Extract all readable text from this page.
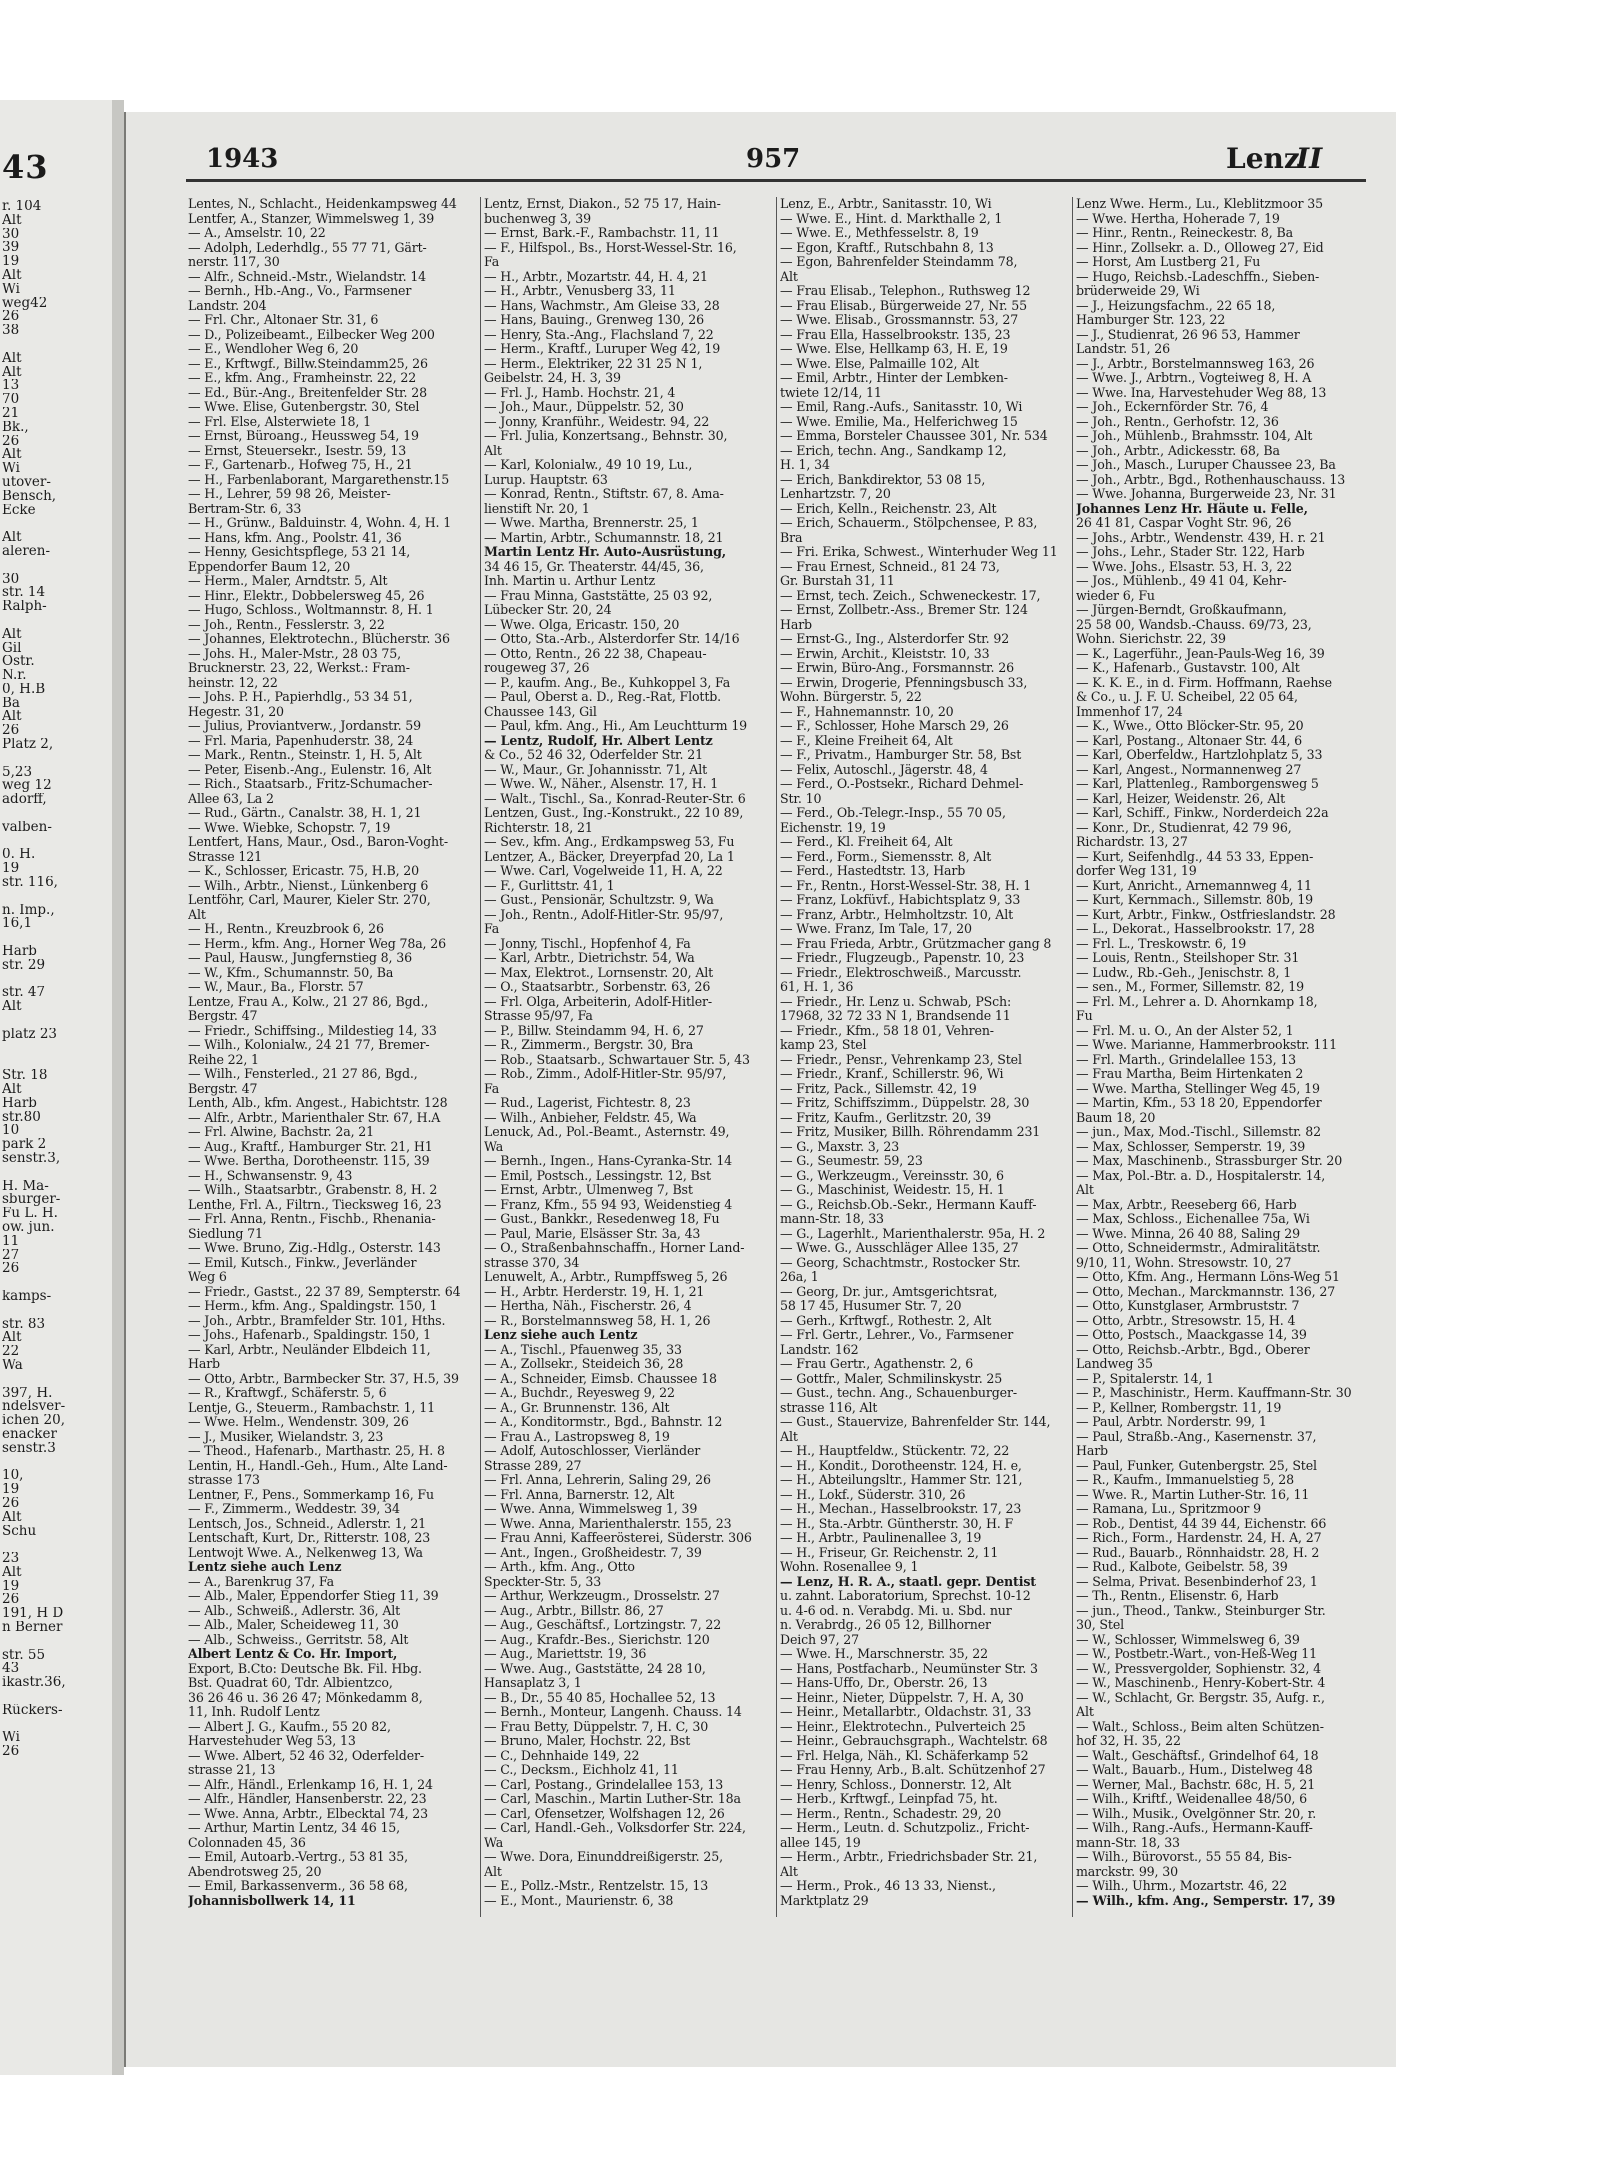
43
r. 104
Alt
30
39
19
Alt
Wi
weg42
26
38
Alt
Alt
13
70
21
Bk.,
26
Alt
Wi
utover-
Bensch,
Ecke
Alt
aleren-
30
str. 14
Ralph-
Alt
Gil
Ostr.
N.r.
0, H.B
Ba
Alt
26
Platz 2,
5,23
weg 12
adorff,
valben-
0. H.
19
str. 116,
n. Imp.,
16,1
Harb
str. 29
str. 47
Alt
platz 23
Str. 18
Alt
Harb
str.80
10
park 2
senstr.3,
H. Ma-
sburger-
Fu L. H.
ow. jun.
11
27
26
kamps-
str. 83
Alt
22
Wa
397, H.
ndelsver-
ichen 20,
enacker
senstr.3
10,
19
26
Alt
Schu
23
Alt
19
26
191, H D
n Berner
str. 55
43
ikastr.36,
Rückers-
Wi
26
1943	957	Lenz
II
Lentes, N., Schlacht., Heidenkampsweg 44
Lentfer, A., Stanzer, Wimmelsweg 1, 39
— A., Amselstr. 10, 22
— Adolph, Lederhdlg., 55 77 71, Gärt-
nerstr. 117, 30
— Alfr., Schneid.-Mstr., Wielandstr. 14
— Bernh., Hb.-Ang., Vo., Farmsener
Landstr. 204
— Frl. Chr., Altonaer Str. 31, 6
— D., Polizeibeamt., Eilbecker Weg 200
— E., Wendloher Weg 6, 20
— E., Krftwgf., Billw.Steindamm25, 26
— E., kfm. Ang., Framheinstr. 22, 22
— Ed., Bür.-Ang., Breitenfelder Str. 28
— Wwe. Elise, Gutenbergstr. 30, Stel
— Frl. Else, Alsterwiete 18, 1
— Ernst, Büroang., Heussweg 54, 19
— Ernst, Steuersekr., Isestr. 59, 13
— F., Gartenarb., Hofweg 75, H., 21
— H., Farbenlaborant, Margarethenstr.15
— H., Lehrer, 59 98 26, Meister-
Bertram-Str. 6, 33
— H., Grünw., Balduinstr. 4, Wohn. 4, H. 1
— Hans, kfm. Ang., Poolstr. 41, 36
— Henny, Gesichtspflege, 53 21 14,
Eppendorfer Baum 12, 20
— Herm., Maler, Arndtstr. 5, Alt
— Hinr., Elektr., Dobbelersweg 45, 26
— Hugo, Schloss., Woltmannstr. 8, H. 1
— Joh., Rentn., Fesslerstr. 3, 22
— Johannes, Elektrotechn., Blücherstr. 36
— Johs. H., Maler-Mstr., 28 03 75,
Brucknerstr. 23, 22, Werkst.: Fram-
heinstr. 12, 22
— Johs. P. H., Papierhdlg., 53 34 51,
Hegestr. 31, 20
— Julius, Proviantverw., Jordanstr. 59
— Frl. Maria, Papenhuderstr. 38, 24
— Mark., Rentn., Steinstr. 1, H. 5, Alt
— Peter, Eisenb.-Ang., Eulenstr. 16, Alt
— Rich., Staatsarb., Fritz-Schumacher-
Allee 63, La 2
— Rud., Gärtn., Canalstr. 38, H. 1, 21
— Wwe. Wiebke, Schopstr. 7, 19
Lentfert, Hans, Maur., Osd., Baron-Voght-
Strasse 121
— K., Schlosser, Ericastr. 75, H.B, 20
— Wilh., Arbtr., Nienst., Lünkenberg 6
Lentföhr, Carl, Maurer, Kieler Str. 270,
Alt
— H., Rentn., Kreuzbrook 6, 26
— Herm., kfm. Ang., Horner Weg 78a, 26
— Paul, Hausw., Jungfernstieg 8, 36
— W., Kfm., Schumannstr. 50, Ba
— W., Maur., Ba., Florstr. 57
Lentze, Frau A., Kolw., 21 27 86, Bgd.,
Bergstr. 47
— Friedr., Schiffsing., Mildestieg 14, 33
— Wilh., Kolonialw., 24 21 77, Bremer-
Reihe 22, 1
— Wilh., Fensterled., 21 27 86, Bgd.,
Bergstr. 47
Lenth, Alb., kfm. Angest., Habichtstr. 128
— Alfr., Arbtr., Marienthaler Str. 67, H.A
— Frl. Alwine, Bachstr. 2a, 21
— Aug., Kraftf., Hamburger Str. 21, H1
— Wwe. Bertha, Dorotheenstr. 115, 39
— H., Schwansenstr. 9, 43
— Wilh., Staatsarbtr., Grabenstr. 8, H. 2
Lenthe, Frl. A., Filtrn., Tiecksweg 16, 23
— Frl. Anna, Rentn., Fischb., Rhenania-
Siedlung 71
— Wwe. Bruno, Zig.-Hdlg., Osterstr. 143
— Emil, Kutsch., Finkw., Jeverländer
Weg 6
— Friedr., Gastst., 22 37 89, Sempterstr. 64
— Herm., kfm. Ang., Spaldingstr. 150, 1
— Joh., Arbtr., Bramfelder Str. 101, Hths.
— Johs., Hafenarb., Spaldingstr. 150, 1
— Karl, Arbtr., Neuländer Elbdeich 11,
Harb
— Otto, Arbtr., Barmbecker Str. 37, H.5, 39
— R., Kraftwgf., Schäferstr. 5, 6
Lentje, G., Steuerm., Rambachstr. 1, 11
— Wwe. Helm., Wendenstr. 309, 26
— J., Musiker, Wielandstr. 3, 23
— Theod., Hafenarb., Marthastr. 25, H. 8
Lentin, H., Handl.-Geh., Hum., Alte Land-
strasse 173
Lentner, F., Pens., Sommerkamp 16, Fu
— F., Zimmerm., Weddestr. 39, 34
Lentsch, Jos., Schneid., Adlerstr. 1, 21
Lentschaft, Kurt, Dr., Ritterstr. 108, 23
Lentwojt Wwe. A., Nelkenweg 13, Wa
Lentz siehe auch Lenz
— A., Barenkrug 37, Fa
— Alb., Maler, Eppendorfer Stieg 11, 39
— Alb., Schweiß., Adlerstr. 36, Alt
— Alb., Maler, Scheideweg 11, 30
— Alb., Schweiss., Gerritstr. 58, Alt
Albert Lentz & Co. Hr. Import,
Export, B.Cto: Deutsche Bk. Fil. Hbg.
Bst. Quadrat 60, Tdr. Albientzco,
36 26 46 u. 36 26 47; Mönkedamm 8,
11, Inh. Rudolf Lentz
— Albert J. G., Kaufm., 55 20 82,
Harvestehuder Weg 53, 13
— Wwe. Albert, 52 46 32, Oderfelder-
strasse 21, 13
— Alfr., Händl., Erlenkamp 16, H. 1, 24
— Alfr., Händler, Hansenberstr. 22, 23
— Wwe. Anna, Arbtr., Elbecktal 74, 23
— Arthur, Martin Lentz, 34 46 15,
Colonnaden 45, 36
— Emil, Autoarb.-Vertrg., 53 81 35,
Abendrotsweg 25, 20
— Emil, Barkassenverm., 36 58 68,
Johannisbollwerk 14, 11
Lentz, Ernst, Diakon., 52 75 17, Hain-
buchenweg 3, 39
— Ernst, Bark.-F., Rambachstr. 11, 11
— F., Hilfspol., Bs., Horst-Wessel-Str. 16,
Fa
— H., Arbtr., Mozartstr. 44, H. 4, 21
— H., Arbtr., Venusberg 33, 11
— Hans, Wachmstr., Am Gleise 33, 28
— Hans, Bauing., Grenweg 130, 26
— Henry, Sta.-Ang., Flachsland 7, 22
— Herm., Kraftf., Luruper Weg 42, 19
— Herm., Elektriker, 22 31 25 N 1,
Geibelstr. 24, H. 3, 39
— Frl. J., Hamb. Hochstr. 21, 4
— Joh., Maur., Düppelstr. 52, 30
— Jonny, Kranführ., Weidestr. 94, 22
— Frl. Julia, Konzertsang., Behnstr. 30,
Alt
— Karl, Kolonialw., 49 10 19, Lu.,
Lurup. Hauptstr. 63
— Konrad, Rentn., Stiftstr. 67, 8. Ama-
lienstift Nr. 20, 1
— Wwe. Martha, Brennerstr. 25, 1
— Martin, Arbtr., Schumannstr. 18, 21
Martin Lentz Hr. Auto-Ausrüstung,
34 46 15, Gr. Theaterstr. 44/45, 36,
Inh. Martin u. Arthur Lentz
— Frau Minna, Gaststätte, 25 03 92,
Lübecker Str. 20, 24
— Wwe. Olga, Ericastr. 150, 20
— Otto, Sta.-Arb., Alsterdorfer Str. 14/16
— Otto, Rentn., 26 22 38, Chapeau-
rougeweg 37, 26
— P., kaufm. Ang., Be., Kuhkoppel 3, Fa
— Paul, Oberst a. D., Reg.-Rat, Flottb.
Chaussee 143, Gil
— Paul, kfm. Ang., Hi., Am Leuchtturm 19
— Lentz, Rudolf, Hr. Albert Lentz
& Co., 52 46 32, Oderfelder Str. 21
— W., Maur., Gr. Johannisstr. 71, Alt
— Wwe. W., Näher., Alsenstr. 17, H. 1
— Walt., Tischl., Sa., Konrad-Reuter-Str. 6
Lentzen, Gust., Ing.-Konstrukt., 22 10 89,
Richterstr. 18, 21
— Sev., kfm. Ang., Erdkampsweg 53, Fu
Lentzer, A., Bäcker, Dreyerpfad 20, La 1
— Wwe. Carl, Vogelweide 11, H. A, 22
— F., Gurlittstr. 41, 1
— Gust., Pensionär, Schultzstr. 9, Wa
— Joh., Rentn., Adolf-Hitler-Str. 95/97,
Fa
— Jonny, Tischl., Hopfenhof 4, Fa
— Karl, Arbtr., Dietrichstr. 54, Wa
— Max, Elektrot., Lornsenstr. 20, Alt
— O., Staatsarbtr., Sorbenstr. 63, 26
— Frl. Olga, Arbeiterin, Adolf-Hitler-
Strasse 95/97, Fa
— P., Billw. Steindamm 94, H. 6, 27
— R., Zimmerm., Bergstr. 30, Bra
— Rob., Staatsarb., Schwartauer Str. 5, 43
— Rob., Zimm., Adolf-Hitler-Str. 95/97,
Fa
— Rud., Lagerist, Fichtestr. 8, 23
— Wilh., Anbieher, Feldstr. 45, Wa
Lenuck, Ad., Pol.-Beamt., Asternstr. 49,
Wa
— Bernh., Ingen., Hans-Cyranka-Str. 14
— Emil, Postsch., Lessingstr. 12, Bst
— Ernst, Arbtr., Ulmenweg 7, Bst
— Franz, Kfm., 55 94 93, Weidenstieg 4
— Gust., Bankkr., Resedenweg 18, Fu
— Paul, Marie, Elsässer Str. 3a, 43
— O., Straßenbahnschaffn., Horner Land-
strasse 370, 34
Lenuwelt, A., Arbtr., Rumpffsweg 5, 26
— H., Arbtr. Herderstr. 19, H. 1, 21
— Hertha, Näh., Fischerstr. 26, 4
— R., Borstelmannsweg 58, H. 1, 26
Lenz siehe auch Lentz
— A., Tischl., Pfauenweg 35, 33
— A., Zollsekr., Steideich 36, 28
— A., Schneider, Eimsb. Chaussee 18
— A., Buchdr., Reyesweg 9, 22
— A., Gr. Brunnenstr. 136, Alt
— A., Konditormstr., Bgd., Bahnstr. 12
— Frau A., Lastropsweg 8, 19
— Adolf, Autoschlosser, Vierländer
Strasse 289, 27
— Frl. Anna, Lehrerin, Saling 29, 26
— Frl. Anna, Barnerstr. 12, Alt
— Wwe. Anna, Wimmelsweg 1, 39
— Wwe. Anna, Marienthalerstr. 155, 23
— Frau Anni, Kaffeerösterei, Süderstr. 306
— Ant., Ingen., Großheidestr. 7, 39
— Arth., kfm. Ang., Otto
Speckter-Str. 5, 33
— Arthur, Werkzeugm., Drosselstr. 27
— Aug., Arbtr., Billstr. 86, 27
— Aug., Geschäftsf., Lortzingstr. 7, 22
— Aug., Krafdr.-Bes., Sierichstr. 120
— Aug., Mariettstr. 19, 36
— Wwe. Aug., Gaststätte, 24 28 10,
Hansaplatz 3, 1
— B., Dr., 55 40 85, Hochallee 52, 13
— Bernh., Monteur, Langenh. Chauss. 14
— Frau Betty, Düppelstr. 7, H. C, 30
— Bruno, Maler, Hochstr. 22, Bst
— C., Dehnhaide 149, 22
— C., Decksm., Eichholz 41, 11
— Carl, Postang., Grindelallee 153, 13
— Carl, Maschin., Martin Luther-Str. 18a
— Carl, Ofensetzer, Wolfshagen 12, 26
— Carl, Handl.-Geh., Volksdorfer Str. 224,
Wa
— Wwe. Dora, Einunddreißigerstr. 25,
Alt
— E., Pollz.-Mstr., Rentzelstr. 15, 13
— E., Mont., Maurienstr. 6, 38
Lenz, E., Arbtr., Sanitasstr. 10, Wi
— Wwe. E., Hint. d. Markthalle 2, 1
— Wwe. E., Methfesselstr. 8, 19
— Egon, Kraftf., Rutschbahn 8, 13
— Egon, Bahrenfelder Steindamm 78,
Alt
— Frau Elisab., Telephon., Ruthsweg 12
— Frau Elisab., Bürgerweide 27, Nr. 55
— Wwe. Elisab., Grossmannstr. 53, 27
— Frau Ella, Hasselbrookstr. 135, 23
— Wwe. Else, Hellkamp 63, H. E, 19
— Wwe. Else, Palmaille 102, Alt
— Emil, Arbtr., Hinter der Lembken-
twiete 12/14, 11
— Emil, Rang.-Aufs., Sanitasstr. 10, Wi
— Wwe. Emilie, Ma., Helferichweg 15
— Emma, Borsteler Chaussee 301, Nr. 534
— Erich, techn. Ang., Sandkamp 12,
H. 1, 34
— Erich, Bankdirektor, 53 08 15,
Lenhartzstr. 7, 20
— Erich, Kelln., Reichenstr. 23, Alt
— Erich, Schauerm., Stölpchensee, P. 83,
Bra
— Fri. Erika, Schwest., Winterhuder Weg 11
— Frau Ernest, Schneid., 81 24 73,
Gr. Burstah 31, 11
— Ernst, tech. Zeich., Schweneckestr. 17,
— Ernst, Zollbetr.-Ass., Bremer Str. 124
Harb
— Ernst-G., Ing., Alsterdorfer Str. 92
— Erwin, Archit., Kleiststr. 10, 33
— Erwin, Büro-Ang., Forsmannstr. 26
— Erwin, Drogerie, Pfenningsbusch 33,
Wohn. Bürgerstr. 5, 22
— F., Hahnemannstr. 10, 20
— F., Schlosser, Hohe Marsch 29, 26
— F., Kleine Freiheit 64, Alt
— F., Privatm., Hamburger Str. 58, Bst
— Felix, Autoschl., Jägerstr. 48, 4
— Ferd., O.-Postsekr., Richard Dehmel-
Str. 10
— Ferd., Ob.-Telegr.-Insp., 55 70 05,
Eichenstr. 19, 19
— Ferd., Kl. Freiheit 64, Alt
— Ferd., Form., Siemensstr. 8, Alt
— Ferd., Hastedtstr. 13, Harb
— Fr., Rentn., Horst-Wessel-Str. 38, H. 1
— Franz, Lokfüvf., Habichtsplatz 9, 33
— Franz, Arbtr., Helmholtzstr. 10, Alt
— Wwe. Franz, Im Tale, 17, 20
— Frau Frieda, Arbtr., Grützmacher gang 8
— Friedr., Flugzeugb., Papenstr. 10, 23
— Friedr., Elektroschweiß., Marcusstr.
61, H. 1, 36
— Friedr., Hr. Lenz u. Schwab, PSch:
17968, 32 72 33 N 1, Brandsende 11
— Friedr., Kfm., 58 18 01, Vehren-
kamp 23, Stel
— Friedr., Pensr., Vehrenkamp 23, Stel
— Friedr., Kranf., Schillerstr. 96, Wi
— Fritz, Pack., Sillemstr. 42, 19
— Fritz, Schiffszimm., Düppelstr. 28, 30
— Fritz, Kaufm., Gerlitzstr. 20, 39
— Fritz, Musiker, Billh. Röhrendamm 231
— G., Maxstr. 3, 23
— G., Seumestr. 59, 23
— G., Werkzeugm., Vereinsstr. 30, 6
— G., Maschinist, Weidestr. 15, H. 1
— G., Reichsb.Ob.-Sekr., Hermann Kauff-
mann-Str. 18, 33
— G., Lagerhlt., Marienthalerstr. 95a, H. 2
— Wwe. G., Ausschläger Allee 135, 27
— Georg, Schachtmstr., Rostocker Str.
26a, 1
— Georg, Dr. jur., Amtsgerichtsrat,
58 17 45, Husumer Str. 7, 20
— Gerh., Krftwgf., Rothestr. 2, Alt
— Frl. Gertr., Lehrer., Vo., Farmsener
Landstr. 162
— Frau Gertr., Agathenstr. 2, 6
— Gottfr., Maler, Schmilinskystr. 25
— Gust., techn. Ang., Schauenburger-
strasse 116, Alt
— Gust., Stauervize, Bahrenfelder Str. 144,
Alt
— H., Hauptfeldw., Stückentr. 72, 22
— H., Kondit., Dorotheenstr. 124, H. e,
— H., Abteilungsltr., Hammer Str. 121,
— H., Lokf., Süderstr. 310, 26
— H., Mechan., Hasselbrookstr. 17, 23
— H., Sta.-Arbtr. Güntherstr. 30, H. F
— H., Arbtr., Paulinenallee 3, 19
— H., Friseur, Gr. Reichenstr. 2, 11
Wohn. Rosenallee 9, 1
— Lenz, H. R. A., staatl. gepr. Dentist
u. zahnt. Laboratorium, Sprechst. 10-12
u. 4-6 od. n. Verabdg. Mi. u. Sbd. nur
n. Verabrdg., 26 05 12, Billhorner
Deich 97, 27
— Wwe. H., Marschnerstr. 35, 22
— Hans, Postfacharb., Neumünster Str. 3
— Hans-Uffo, Dr., Oberstr. 26, 13
— Heinr., Nieter, Düppelstr. 7, H. A, 30
— Heinr., Metallarbtr., Oldachstr. 31, 33
— Heinr., Elektrotechn., Pulverteich 25
— Heinr., Gebrauchsgraph., Wachtelstr. 68
— Frl. Helga, Näh., Kl. Schäferkamp 52
— Frau Henny, Arb., B.alt. Schützenhof 27
— Henry, Schloss., Donnerstr. 12, Alt
— Herb., Krftwgf., Leinpfad 75, ht.
— Herm., Rentn., Schadestr. 29, 20
— Herm., Leutn. d. Schutzpoliz., Fricht-
allee 145, 19
— Herm., Arbtr., Friedrichsbader Str. 21,
Alt
— Herm., Prok., 46 13 33, Nienst.,
Marktplatz 29
Lenz Wwe. Herm., Lu., Kleblitzmoor 35
— Wwe. Hertha, Hoherade 7, 19
— Hinr., Rentn., Reineckestr. 8, Ba
— Hinr., Zollsekr. a. D., Olloweg 27, Eid
— Horst, Am Lustberg 21, Fu
— Hugo, Reichsb.-Ladeschffn., Sieben-
brüderweide 29, Wi
— J., Heizungsfachm., 22 65 18,
Hamburger Str. 123, 22
— J., Studienrat, 26 96 53, Hammer
Landstr. 51, 26
— J., Arbtr., Borstelmannsweg 163, 26
— Wwe. J., Arbtrn., Vogteiweg 8, H. A
— Wwe. Ina, Harvestehuder Weg 88, 13
— Joh., Eckernförder Str. 76, 4
— Joh., Rentn., Gerhofstr. 12, 36
— Joh., Mühlenb., Brahmsstr. 104, Alt
— Joh., Arbtr., Adickesstr. 68, Ba
— Joh., Masch., Luruper Chaussee 23, Ba
— Joh., Arbtr., Bgd., Rothenhauschauss. 13
— Wwe. Johanna, Burgerweide 23, Nr. 31
Johannes Lenz Hr. Häute u. Felle,
26 41 81, Caspar Voght Str. 96, 26
— Johs., Arbtr., Wendenstr. 439, H. r. 21
— Johs., Lehr., Stader Str. 122, Harb
— Wwe. Johs., Elsastr. 53, H. 3, 22
— Jos., Mühlenb., 49 41 04, Kehr-
wieder 6, Fu
— Jürgen-Berndt, Großkaufmann,
25 58 00, Wandsb.-Chauss. 69/73, 23,
Wohn. Sierichstr. 22, 39
— K., Lagerführ., Jean-Pauls-Weg 16, 39
— K., Hafenarb., Gustavstr. 100, Alt
— K. K. E., in d. Firm. Hoffmann, Raehse
& Co., u. J. F. U. Scheibel, 22 05 64,
Immenhof 17, 24
— K., Wwe., Otto Blöcker-Str. 95, 20
— Karl, Postang., Altonaer Str. 44, 6
— Karl, Oberfeldw., Hartzlohplatz 5, 33
— Karl, Angest., Normannenweg 27
— Karl, Plattenleg., Ramborgensweg 5
— Karl, Heizer, Weidenstr. 26, Alt
— Karl, Schiff., Finkw., Norderdeich 22a
— Konr., Dr., Studienrat, 42 79 96,
Richardstr. 13, 27
— Kurt, Seifenhdlg., 44 53 33, Eppen-
dorfer Weg 131, 19
— Kurt, Anricht., Arnemannweg 4, 11
— Kurt, Kernmach., Sillemstr. 80b, 19
— Kurt, Arbtr., Finkw., Ostfrieslandstr. 28
— L., Dekorat., Hasselbrookstr. 17, 28
— Frl. L., Treskowstr. 6, 19
— Louis, Rentn., Steilshoper Str. 31
— Ludw., Rb.-Geh., Jenischstr. 8, 1
— sen., M., Former, Sillemstr. 82, 19
— Frl. M., Lehrer a. D. Ahornkamp 18,
Fu
— Frl. M. u. O., An der Alster 52, 1
— Wwe. Marianne, Hammerbrookstr. 111
— Frl. Marth., Grindelallee 153, 13
— Frau Martha, Beim Hirtenkaten 2
— Wwe. Martha, Stellinger Weg 45, 19
— Martin, Kfm., 53 18 20, Eppendorfer
Baum 18, 20
— jun., Max, Mod.-Tischl., Sillemstr. 82
— Max, Schlosser, Semperstr. 19, 39
— Max, Maschinenb., Strassburger Str. 20
— Max, Pol.-Btr. a. D., Hospitalerstr. 14,
Alt
— Max, Arbtr., Reeseberg 66, Harb
— Max, Schloss., Eichenallee 75a, Wi
— Wwe. Minna, 26 40 88, Saling 29
— Otto, Schneidermstr., Admiralitätstr.
9/10, 11, Wohn. Stresowstr. 10, 27
— Otto, Kfm. Ang., Hermann Löns-Weg 51
— Otto, Mechan., Marckmannstr. 136, 27
— Otto, Kunstglaser, Armbruststr. 7
— Otto, Arbtr., Stresowstr. 15, H. 4
— Otto, Postsch., Maackgasse 14, 39
— Otto, Reichsb.-Arbtr., Bgd., Oberer
Landweg 35
— P., Spitalerstr. 14, 1
— P., Maschinistr., Herm. Kauffmann-Str. 30
— P., Kellner, Rombergstr. 11, 19
— Paul, Arbtr. Norderstr. 99, 1
— Paul, Straßb.-Ang., Kasernenstr. 37,
Harb
— Paul, Funker, Gutenbergstr. 25, Stel
— R., Kaufm., Immanuelstieg 5, 28
— Wwe. R., Martin Luther-Str. 16, 11
— Ramana, Lu., Spritzmoor 9
— Rob., Dentist, 44 39 44, Eichenstr. 66
— Rich., Form., Hardenstr. 24, H. A, 27
— Rud., Bauarb., Rönnhaidstr. 28, H. 2
— Rud., Kalbote, Geibelstr. 58, 39
— Selma, Privat. Besenbinderhof 23, 1
— Th., Rentn., Elisenstr. 6, Harb
— jun., Theod., Tankw., Steinburger Str.
30, Stel
— W., Schlosser, Wimmelsweg 6, 39
— W., Postbetr.-Wart., von-Heß-Weg 11
— W., Pressvergolder, Sophienstr. 32, 4
— W., Maschinenb., Henry-Kobert-Str. 4
— W., Schlacht, Gr. Bergstr. 35, Aufg. r.,
Alt
— Walt., Schloss., Beim alten Schützen-
hof 32, H. 35, 22
— Walt., Geschäftsf., Grindelhof 64, 18
— Walt., Bauarb., Hum., Distelweg 48
— Werner, Mal., Bachstr. 68c, H. 5, 21
— Wilh., Kriftf., Weidenallee 48/50, 6
— Wilh., Musik., Övelgönner Str. 20, r.
— Wilh., Rang.-Aufs., Hermann-Kauff-
mann-Str. 18, 33
— Wilh., Bürovorst., 55 55 84, Bis-
marckstr. 99, 30
— Wilh., Uhrm., Mozartstr. 46, 22
— Wilh., kfm. Ang., Semperstr. 17, 39
